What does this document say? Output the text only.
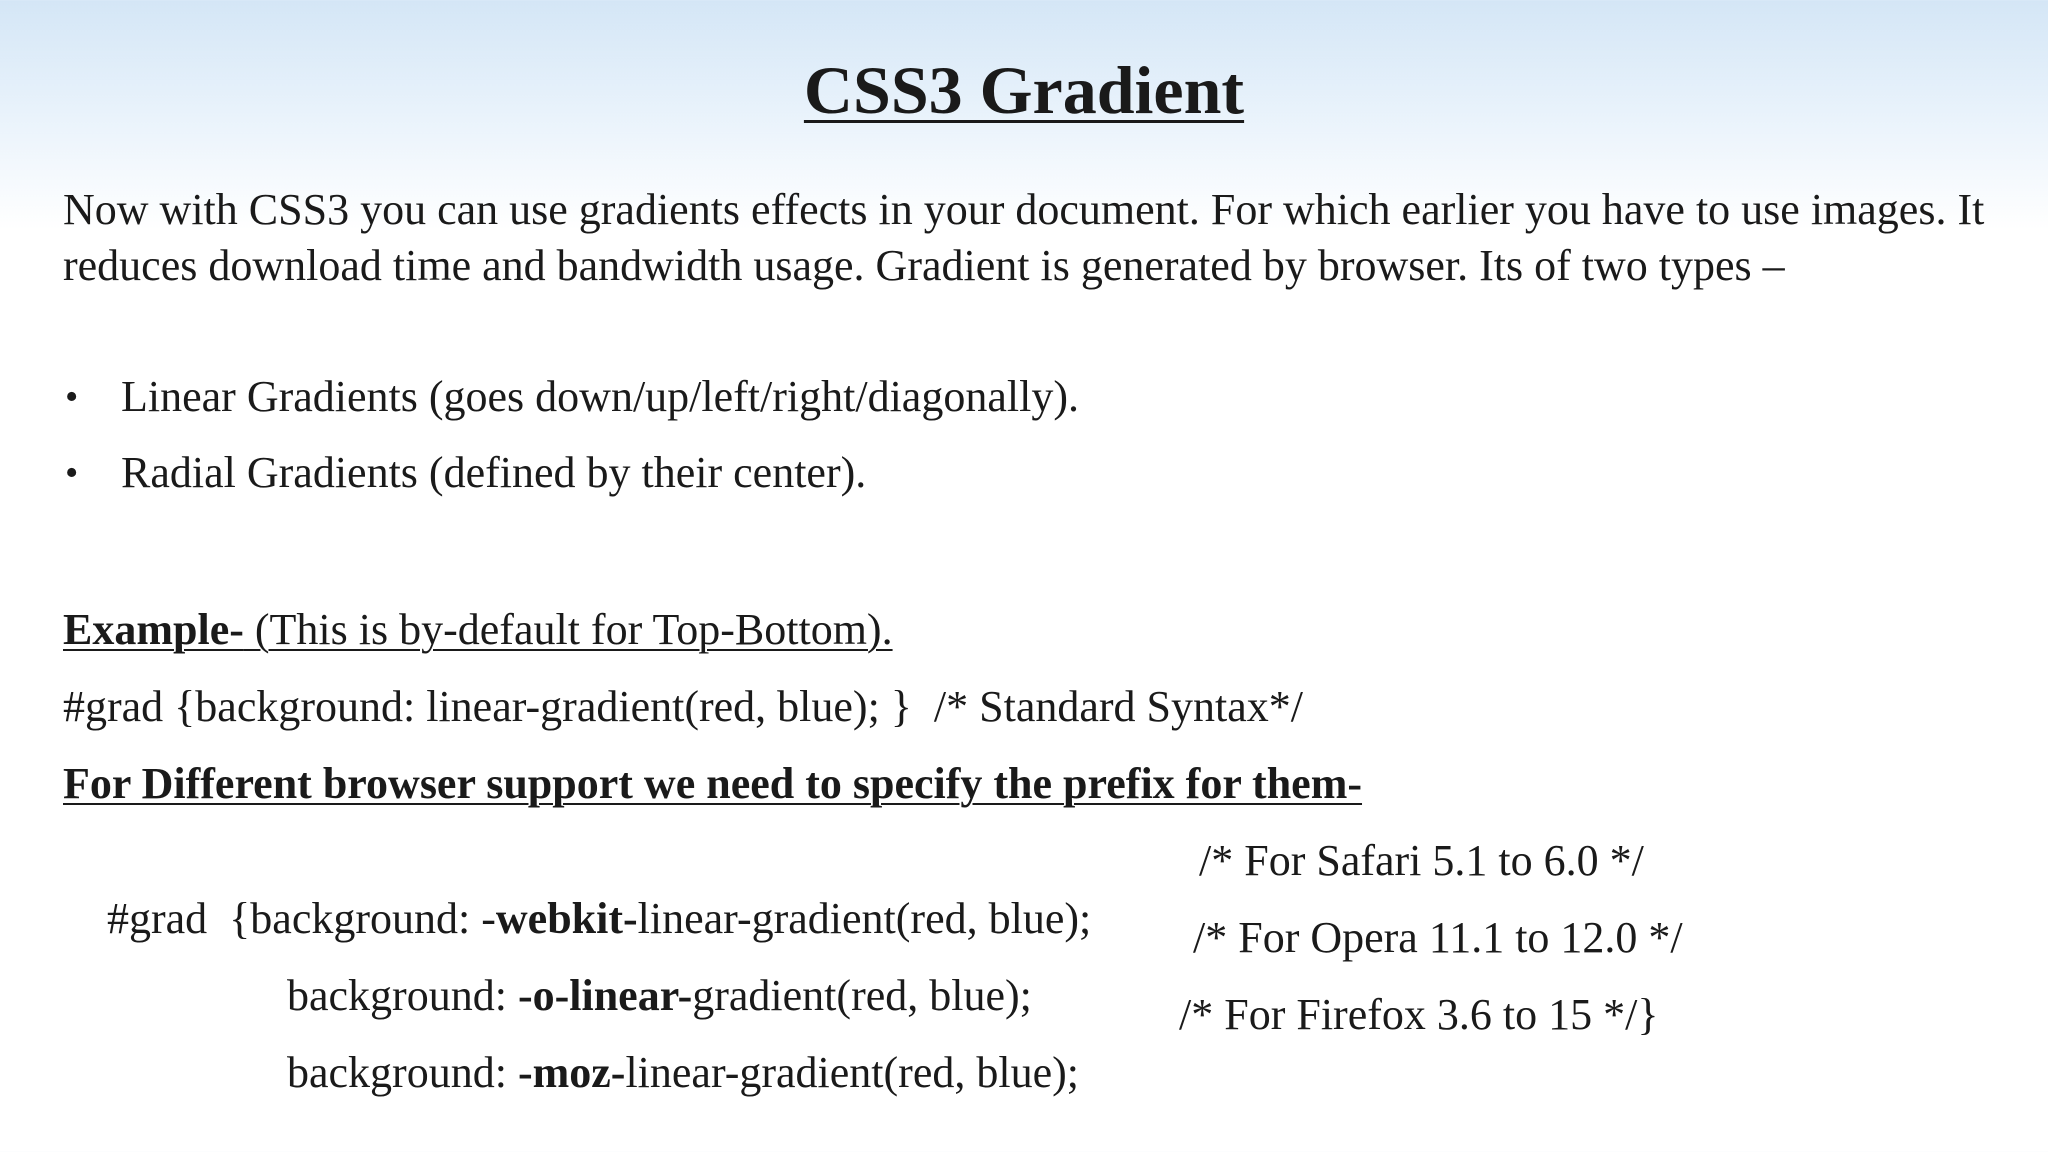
CSS3 Gradient

Now with CSS3 you can use gradients effects in your document. For which earlier you have to use images. It reduces download time and bandwidth usage. Gradient is generated by browser. Its of two types –

• Linear Gradients (goes down/up/left/right/diagonally).
• Radial Gradients (defined by their center).

Example- (This is by-default for Top-Bottom).

#grad {background: linear-gradient(red, blue); }  /* Standard Syntax*/

For Different browser support we need to specify the prefix for them-

#grad  {background: -webkit-linear-gradient(red, blue);

/* For Safari 5.1 to 6.0 */

background: -o-linear-gradient(red, blue);

/* For Opera 11.1 to 12.0 */

background: -moz-linear-gradient(red, blue);

/* For Firefox 3.6 to 15 */}
